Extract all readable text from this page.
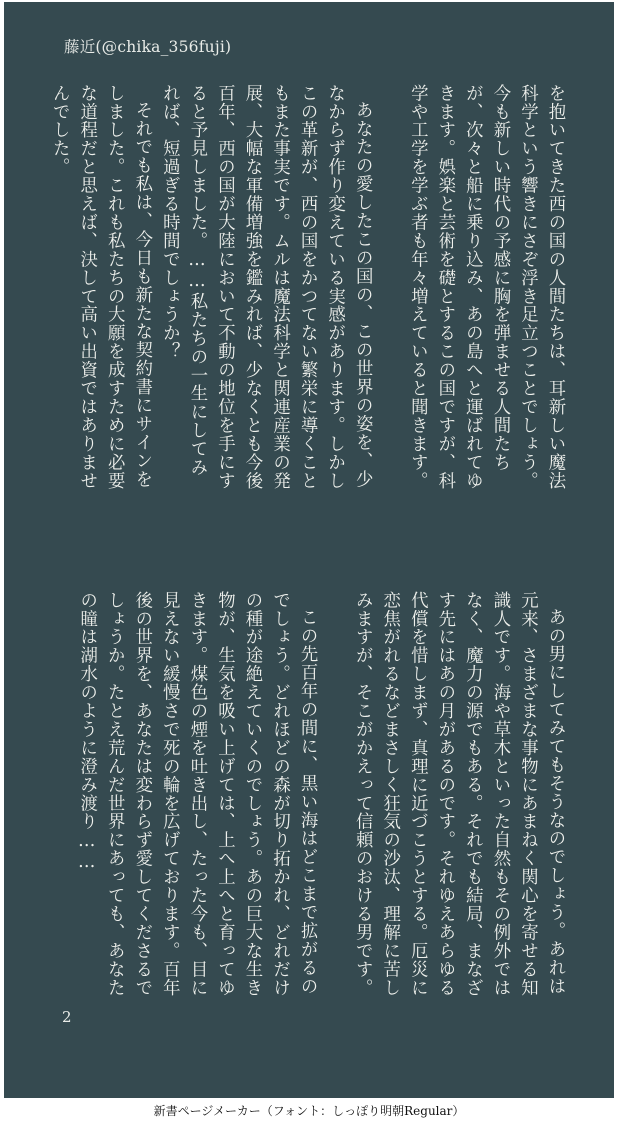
藤近(@chika_356fuji)

を抱いてきた西の国の人間たちは、耳新しい魔法科学という響きにさぞ浮き足立つことでしょう。今も新しい時代の予感に胸を弾ませる人間たちが、次々と船に乗り込み、あの島へと運ばれてゆきます。娯楽と芸術を礎とするこの国ですが、科学や工学を学ぶ者も年々増えていると聞きます。

あなたの愛したこの国の、この世界の姿を、少なからず作り変えている実感があります。しかしこの革新が、西の国をかつてない繁栄に導くこともまた事実です。ムルは魔法科学と関連産業の発展、大幅な軍備増強を鑑みれば、少なくとも今後百年、西の国が大陸において不動の地位を手にすると予見しました。……私たちの一生にしてみれば、短過ぎる時間でしょうか？

それでも私は、今日も新たな契約書にサインをしました。これも私たちの大願を成すために必要な道程だと思えば、決して高い出資ではありませんでした。

あの男にしてみてもそうなのでしょう。あれは元来、さまざまな事物にあまねく関心を寄せる知識人です。海や草木といった自然もその例外ではなく、魔力の源でもある。それでも結局、まなざす先にはあの月があるのです。それゆえあらゆる代償を惜しまず、真理に近づこうとする。厄災に恋焦がれるなどまさしく狂気の沙汰、理解に苦しみますが、そこがかえって信頼のおける男です。

この先百年の間に、黒い海はどこまで拡がるのでしょう。どれほどの森が切り拓かれ、どれだけの種が途絶えていくのでしょう。あの巨大な生き物が、生気を吸い上げては、上へ上へと育ってゆきます。煤色の煙を吐き出し、たった今も、目に見えない緩慢さで死の輪を広げております。百年後の世界を、あなたは変わらず愛してくださるでしょうか。たとえ荒んだ世界にあっても、あなたの瞳は湖水のように澄み渡り……

2
新書ページメーカー（フォント：しっぽり明朝Regular）
